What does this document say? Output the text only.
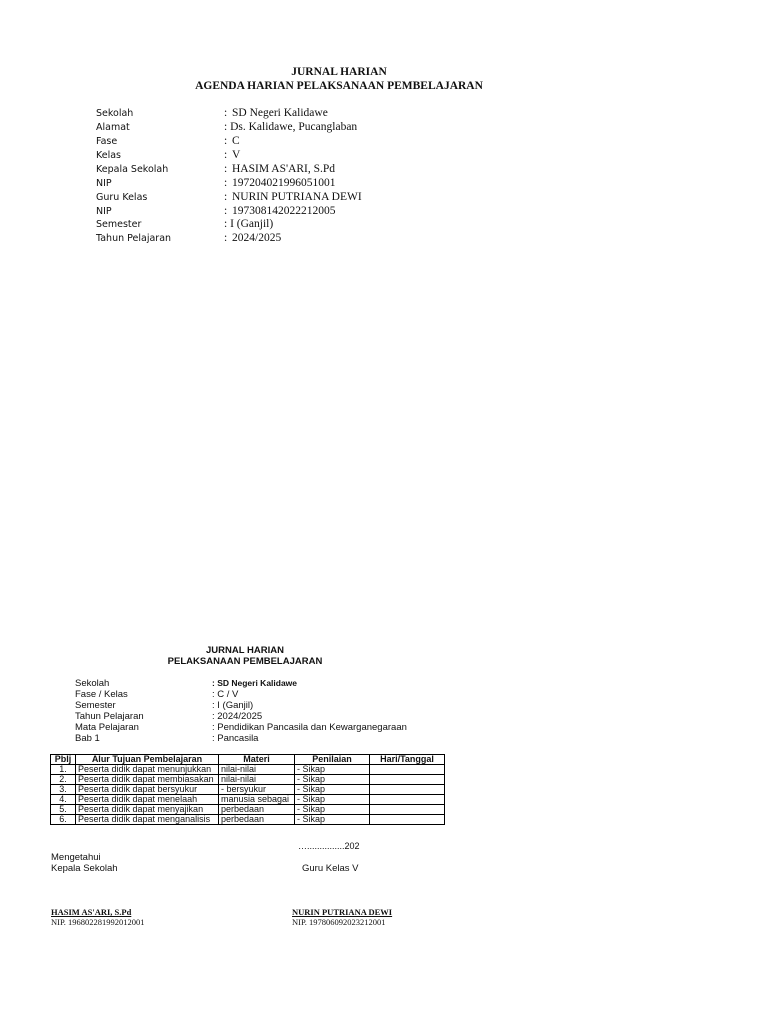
JURNAL HARIAN
AGENDA HARIAN PELAKSANAAN PEMBELAJARAN
Sekolah	: SD Negeri Kalidawe
Alamat	: Ds. Kalidawe, Pucanglaban
Fase	: C
Kelas	: V
Kepala Sekolah	: HASIM AS'ARI, S.Pd
NIP	: 197204021996051001
Guru Kelas	: NURIN PUTRIANA DEWI
NIP	: 197308142022212005
Semester	: I (Ganjil)
Tahun Pelajaran	: 2024/2025
JURNAL HARIAN
PELAKSANAAN PEMBELAJARAN
Sekolah	: SD Negeri Kalidawe
Fase / Kelas	: C / V
Semester	: I (Ganjil)
Tahun Pelajaran	: 2024/2025
Mata Pelajaran	: Pendidikan Pancasila dan Kewarganegaraan
Bab 1	: Pancasila
Pblj	Alur Tujuan Pembelajaran	Materi	Penilaian	Hari/Tanggal
1.	Peserta didik dapat menunjukkan	nilai-nilai	- Sikap	
2.	Peserta didik dapat membiasakan	nilai-nilai	- Sikap	
3.	Peserta didik dapat bersyukur	- bersyukur	- Sikap	
4.	Peserta didik dapat menelaah	manusia sebagai	- Sikap	
5.	Peserta didik dapat menyajikan	perbedaan	- Sikap	
6.	Peserta didik dapat menganalisis	perbedaan	- Sikap	
…...............202
Mengetahui
Kepala Sekolah	Guru Kelas V
HASIM AS'ARI, S.Pd
NIP. 196802281992012001
NURIN PUTRIANA DEWI
NIP. 197806092023212001
